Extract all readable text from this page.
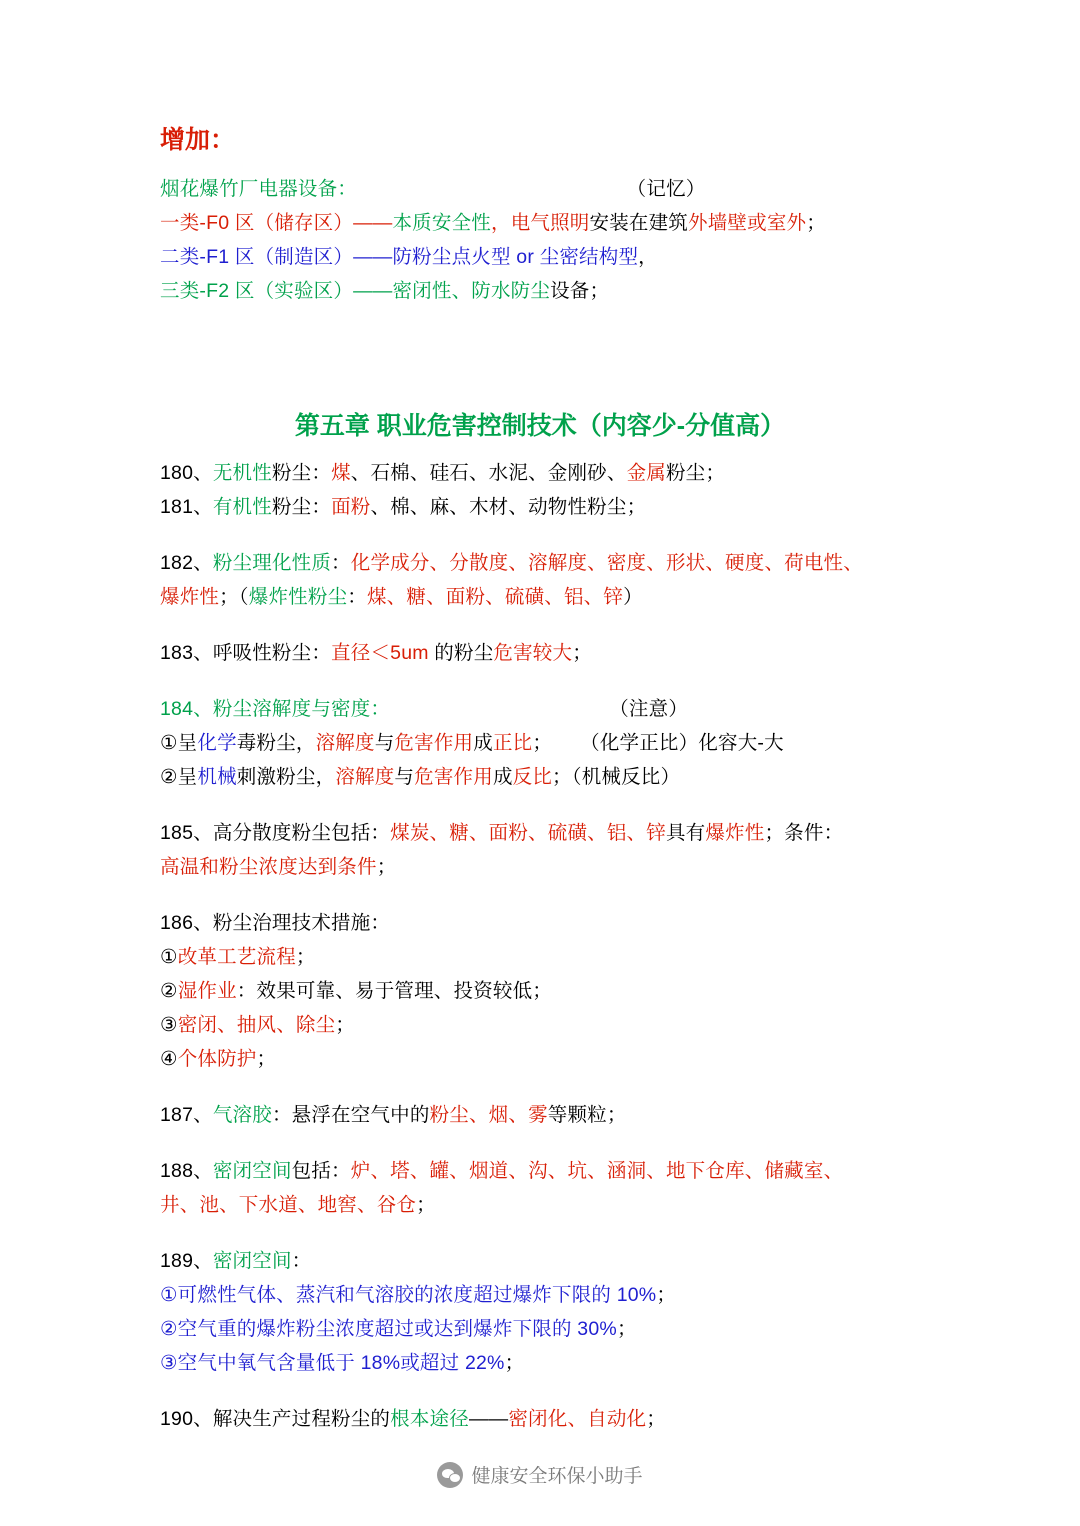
增加：
烟花爆竹厂电器设备：                                                （记忆）
一类-F0 区（储存区）——本质安全性，电气照明安装在建筑外墙壁或室外；
二类-F1 区（制造区）——防粉尘点火型 or 尘密结构型，
三类-F2 区（实验区）——密闭性、防水防尘设备；
第五章 职业危害控制技术（内容少-分值高）
180、无机性粉尘：煤、石棉、硅石、水泥、金刚砂、金属粉尘；
181、有机性粉尘：面粉、棉、麻、木材、动物性粉尘；
182、粉尘理化性质：化学成分、分散度、溶解度、密度、形状、硬度、荷电性、
爆炸性；（爆炸性粉尘：煤、糖、面粉、硫磺、铝、锌）
183、呼吸性粉尘：直径＜5um 的粉尘危害较大；
184、粉尘溶解度与密度：                                       （注意）
①呈化学毒粉尘，溶解度与危害作用成正比；     （化学正比）化容大-大
②呈机械刺激粉尘，溶解度与危害作用成反比；（机械反比）
185、高分散度粉尘包括：煤炭、糖、面粉、硫磺、铝、锌具有爆炸性；条件：
高温和粉尘浓度达到条件；
186、粉尘治理技术措施：
①改革工艺流程；
②湿作业：效果可靠、易于管理、投资较低；
③密闭、抽风、除尘；
④个体防护；
187、气溶胶：悬浮在空气中的粉尘、烟、雾等颗粒；
188、密闭空间包括：炉、塔、罐、烟道、沟、坑、涵洞、地下仓库、储藏室、
井、池、下水道、地窖、谷仓；
189、密闭空间：
①可燃性气体、蒸汽和气溶胶的浓度超过爆炸下限的 10%；
②空气重的爆炸粉尘浓度超过或达到爆炸下限的 30%；
③空气中氧气含量低于 18%或超过 22%；
190、解决生产过程粉尘的根本途径——密闭化、自动化；
健康安全环保小助手
